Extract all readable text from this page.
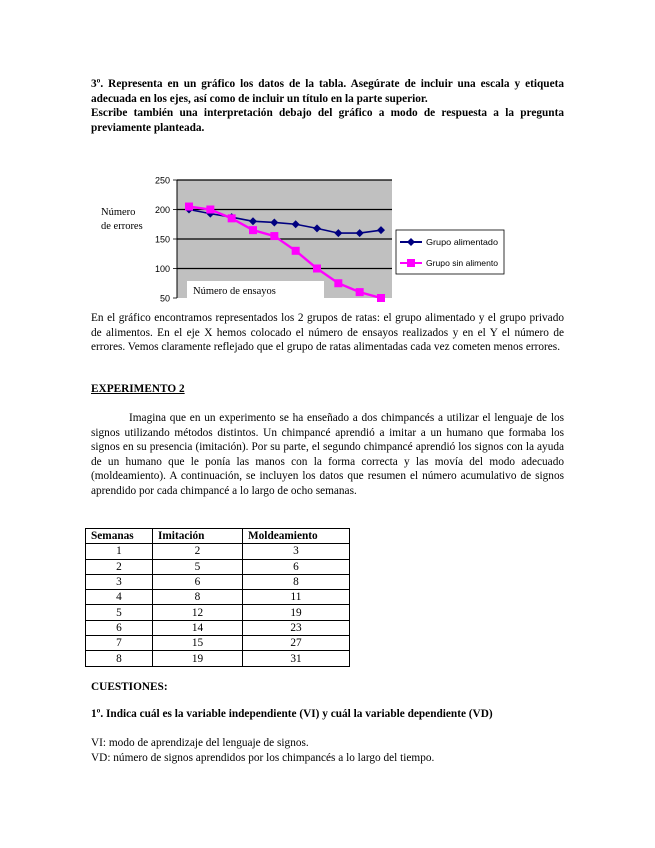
3º. Representa en un gráfico los datos de la tabla. Asegúrate de incluir una escala y etiqueta adecuada en los ejes, así como de incluir un título en la parte superior.
Escribe también una interpretación debajo del gráfico a modo de respuesta a la pregunta previamente planteada.
250
200
150
100
50
Número
de errores
Número de ensayos
Grupo alimentado
Grupo sin alimento
En el gráfico encontramos representados los 2 grupos de ratas: el grupo alimentado y el grupo privado de alimentos. En el eje X hemos colocado el número de ensayos realizados y en el Y el número de errores. Vemos claramente reflejado que el grupo de ratas alimentadas cada vez cometen menos errores.
EXPERIMENTO 2
Imagina que en un experimento se ha enseñado a dos chimpancés a utilizar el lenguaje de los signos utilizando métodos distintos. Un chimpancé aprendió a imitar a un humano que formaba los signos en su presencia (imitación). Por su parte, el segundo chimpancé aprendió los signos con la ayuda de un humano que le ponía las manos con la forma correcta y las movía del modo adecuado (moldeamiento). A continuación, se incluyen los datos que resumen el número acumulativo de signos aprendido por cada chimpancé a lo largo de ocho semanas.
Semanas	Imitación	Moldeamiento
1	2	3
2	5	6
3	6	8
4	8	11
5	12	19
6	14	23
7	15	27
8	19	31
CUESTIONES:
1º. Indica cuál es la variable independiente (VI) y cuál la variable dependiente (VD)
VI: modo de aprendizaje del lenguaje de signos.
VD: número de signos aprendidos por los chimpancés a lo largo del tiempo.
